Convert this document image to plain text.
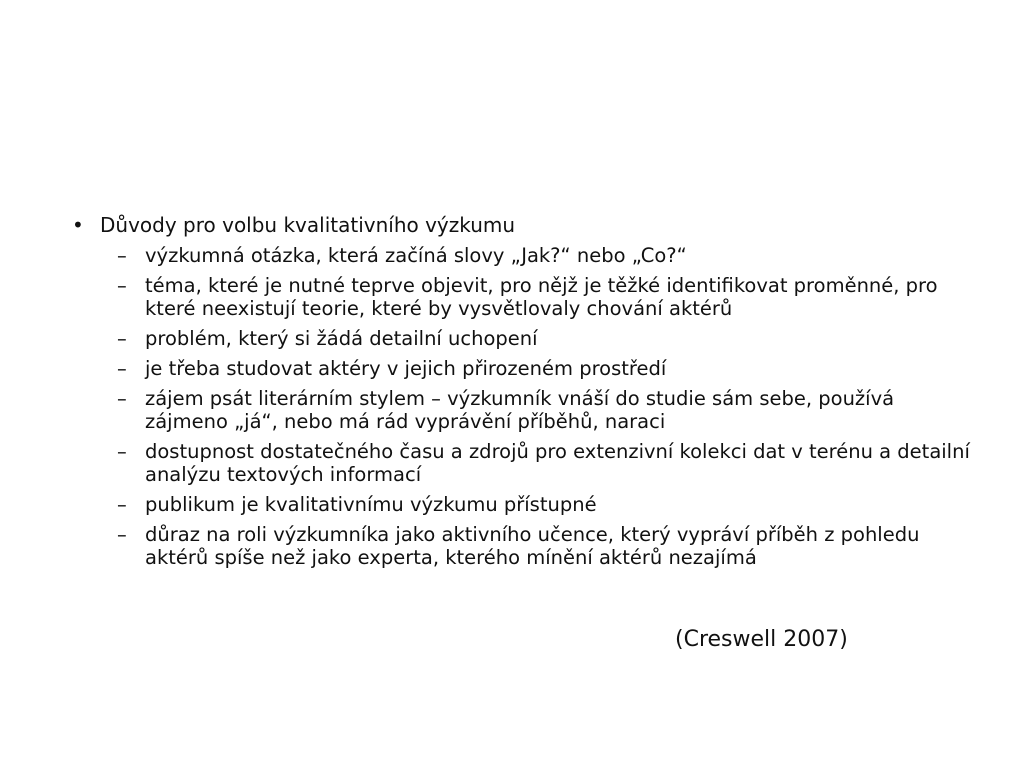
• Důvody pro volbu kvalitativního výzkumu
– výzkumná otázka, která začíná slovy „Jak?“ nebo „Co?“
– téma, které je nutné teprve objevit, pro nějž je těžké identifikovat proměnné, pro které neexistují teorie, které by vysvětlovaly chování aktérů
– problém, který si žádá detailní uchopení
– je třeba studovat aktéry v jejich přirozeném prostředí
– zájem psát literárním stylem – výzkumník vnáší do studie sám sebe, používá zájmeno „já“, nebo má rád vyprávění příběhů, naraci
– dostupnost dostatečného času a zdrojů pro extenzivní kolekci dat v terénu a detailní analýzu textových informací
– publikum je kvalitativnímu výzkumu přístupné
– důraz na roli výzkumníka jako aktivního učence, který vypráví příběh z pohledu aktérů spíše než jako experta, kterého mínění aktérů nezajímá
(Creswell 2007)
